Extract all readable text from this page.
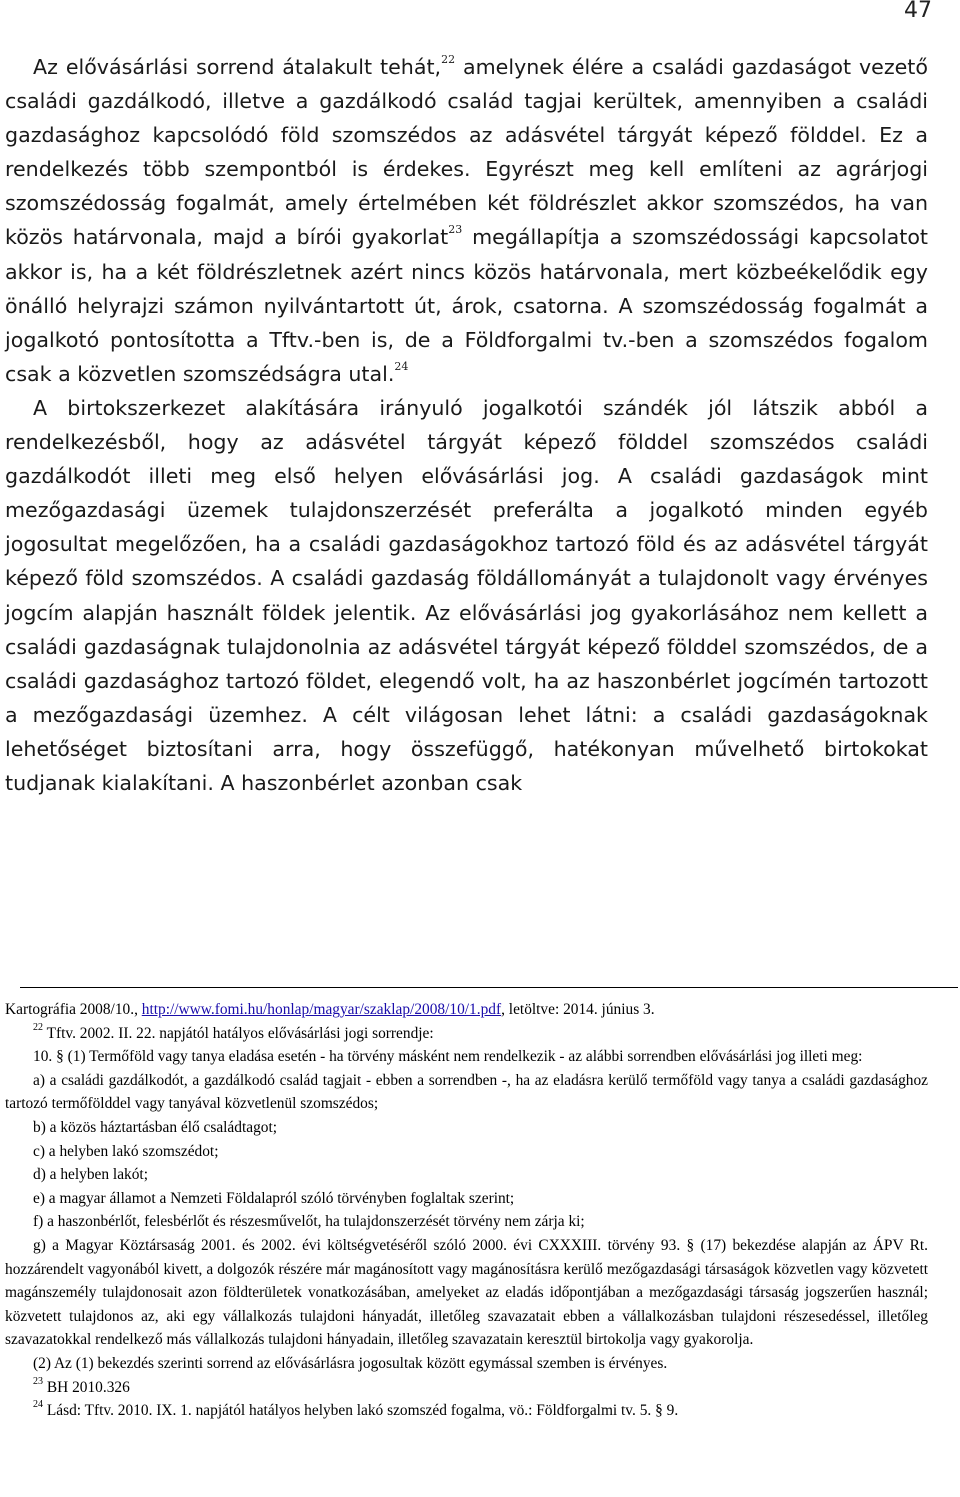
47

Az elővásárlási sorrend átalakult tehát,$^{22}$ amelynek élére a családi gazdaságot vezető családi gazdálkodó, illetve a gazdálkodó család tagjai kerültek, amennyiben a családi gazdasághoz kapcsolódó föld szomszédos az adásvétel tárgyát képező földdel. Ez a rendelkezés több szempontból is érdekes. Egyrészt meg kell említeni az agrárjogi szomszédosság fogalmát, amely értelmében két földrészlet akkor szomszédos, ha van közös határvonala, majd a bírói gyakorlat$^{23}$ megállapítja a szomszédossági kapcsolatot akkor is, ha a két földrészletnek azért nincs közös határvonala, mert közbeékelődik egy önálló helyrajzi számon nyilvántartott út, árok, csatorna. A szomszédosság fogalmát a jogalkotó pontosította a Tftv.-ben is, de a Földforgalmi tv.-ben a szomszédos fogalom csak a közvetlen szomszédságra utal.$^{24}$

A birtokszerkezet alakítására irányuló jogalkotói szándék jól látszik abból a rendelkezésből, hogy az adásvétel tárgyát képező földdel szomszédos családi gazdálkodót illeti meg első helyen elővásárlási jog. A családi gazdaságok mint mezőgazdasági üzemek tulajdonszerzését preferálta a jogalkotó minden egyéb jogosultat megelőzően, ha a családi gazdaságokhoz tartozó föld és az adásvétel tárgyát képező föld szomszédos. A családi gazdaság földállományát a tulajdonolt vagy érvényes jogcím alapján használt földek jelentik. Az elővásárlási jog gyakorlásához nem kellett a családi gazdaságnak tulajdonolnia az adásvétel tárgyát képező földdel szomszédos, de a családi gazdasághoz tartozó földet, elegendő volt, ha az haszonbérlet jogcímén tartozott a mezőgazdasági üzemhez. A célt világosan lehet látni: a családi gazdaságoknak lehetőséget biztosítani arra, hogy összefüggő, hatékonyan művelhető birtokokat tudjanak kialakítani. A haszonbérlet azonban csak

Kartográfia 2008/10., http://www.fomi.hu/honlap/magyar/szaklap/2008/10/1.pdf, letöltve: 2014. június 3.

$^{22}$ Tftv. 2002. II. 22. napjától hatályos elővásárlási jogi sorrendje:

10. § (1) Termőföld vagy tanya eladása esetén - ha törvény másként nem rendelkezik - az alábbi sorrendben elővásárlási jog illeti meg:

a) a családi gazdálkodót, a gazdálkodó család tagjait - ebben a sorrendben -, ha az eladásra kerülő termőföld vagy tanya a családi gazdasághoz tartozó termőfölddel vagy tanyával közvetlenül szomszédos;

b) a közös háztartásban élő családtagot;

c) a helyben lakó szomszédot;

d) a helyben lakót;

e) a magyar államot a Nemzeti Földalapról szóló törvényben foglaltak szerint;

f) a haszonbérlőt, felesbérlőt és részesművelőt, ha tulajdonszerzését törvény nem zárja ki;

g) a Magyar Köztársaság 2001. és 2002. évi költségvetéséről szóló 2000. évi CXXXIII. törvény 93. § (17) bekezdése alapján az ÁPV Rt. hozzárendelt vagyonából kivett, a dolgozók részére már magánosított vagy magánosításra kerülő mezőgazdasági társaságok közvetlen vagy közvetett magánszemély tulajdonosait azon földterületek vonatkozásában, amelyeket az eladás időpontjában a mezőgazdasági társaság jogszerűen használ; közvetett tulajdonos az, aki egy vállalkozás tulajdoni hányadát, illetőleg szavazatait ebben a vállalkozásban tulajdoni részesedéssel, illetőleg szavazatokkal rendelkező más vállalkozás tulajdoni hányadain, illetőleg szavazatain keresztül birtokolja vagy gyakorolja.

(2) Az (1) bekezdés szerinti sorrend az elővásárlásra jogosultak között egymással szemben is érvényes.

$^{23}$ BH 2010.326

$^{24}$ Lásd: Tftv. 2010. IX. 1. napjától hatályos helyben lakó szomszéd fogalma, vö.: Földforgalmi tv. 5. § 9.
